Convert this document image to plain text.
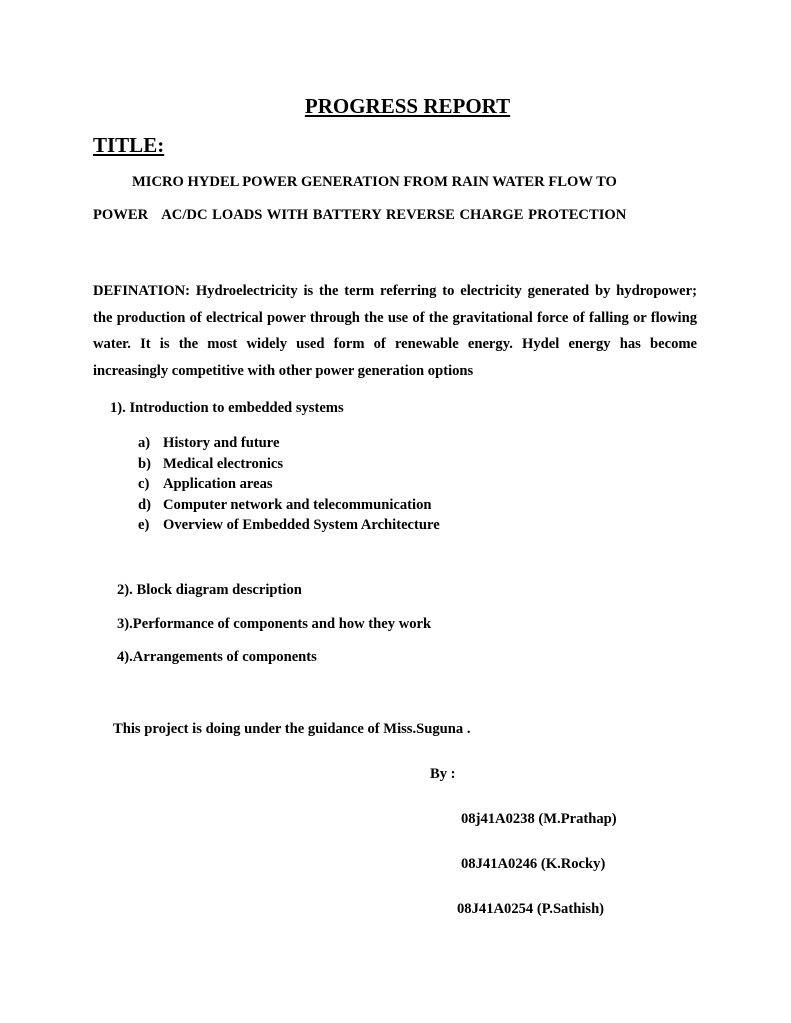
PROGRESS REPORT
TITLE:
MICRO HYDEL POWER GENERATION FROM RAIN WATER FLOW TO
POWER   AC/DC LOADS WITH BATTERY REVERSE CHARGE PROTECTION
DEFINATION: Hydroelectricity is the term referring to electricity generated by hydropower; the production of electrical power through the use of the gravitational force of falling or flowing water. It is the most widely used form of renewable energy. Hydel energy has become increasingly competitive with other power generation options
1). Introduction to embedded systems
a) History and future
b) Medical electronics
c) Application areas
d) Computer network and telecommunication
e) Overview of Embedded System Architecture
2). Block diagram description
3).Performance of components and how they work
4).Arrangements of components
This project is doing under the guidance of Miss.Suguna .
By :
08j41A0238 (M.Prathap)
08J41A0246 (K.Rocky)
08J41A0254 (P.Sathish)
